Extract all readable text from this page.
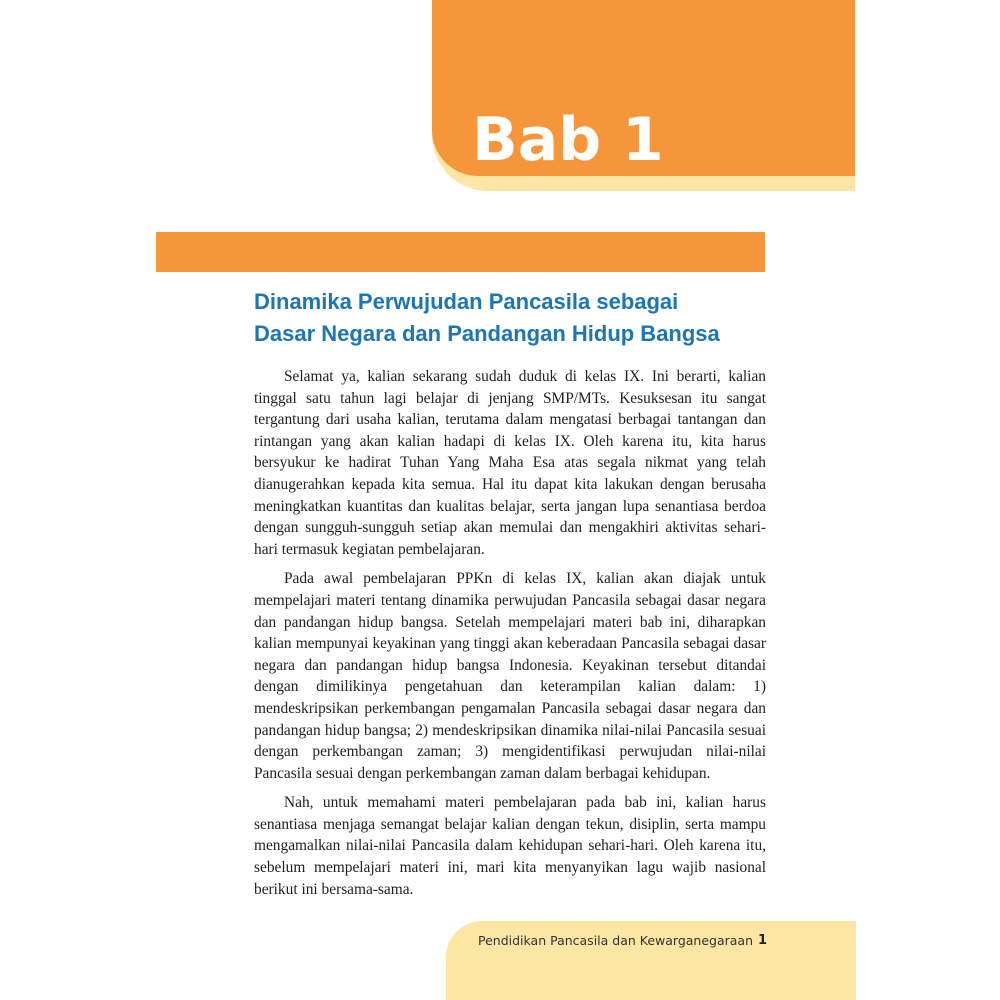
Bab 1
Dinamika Perwujudan Pancasila sebagai
Dasar Negara dan Pandangan Hidup Bangsa

Selamat ya, kalian sekarang sudah duduk di kelas IX. Ini berarti, kalian tinggal satu tahun lagi belajar di jenjang SMP/MTs. Kesuksesan itu sangat tergantung dari usaha kalian, terutama dalam mengatasi berbagai tantangan dan rintangan yang akan kalian hadapi di kelas IX. Oleh karena itu, kita harus bersyukur ke hadirat Tuhan Yang Maha Esa atas segala nikmat yang telah dianugerahkan kepada kita semua. Hal itu dapat kita lakukan dengan berusaha meningkatkan kuantitas dan kualitas belajar, serta jangan lupa senantiasa berdoa dengan sungguh-sungguh setiap akan memulai dan mengakhiri aktivitas sehari-hari termasuk kegiatan pembelajaran.

Pada awal pembelajaran PPKn di kelas IX, kalian akan diajak untuk mempelajari materi tentang dinamika perwujudan Pancasila sebagai dasar negara dan pandangan hidup bangsa. Setelah mempelajari materi bab ini, diharapkan kalian mempunyai keyakinan yang tinggi akan keberadaan Pancasila sebagai dasar negara dan pandangan hidup bangsa Indonesia. Keyakinan tersebut ditandai dengan dimilikinya pengetahuan dan keterampilan kalian dalam: 1) mendeskripsikan perkembangan pengamalan Pancasila sebagai dasar negara dan pandangan hidup bangsa; 2) mendeskripsikan dinamika nilai-nilai Pancasila sesuai dengan perkembangan zaman; 3) mengidentifikasi perwujudan nilai-nilai Pancasila sesuai dengan perkembangan zaman dalam berbagai kehidupan.

Nah, untuk memahami materi pembelajaran pada bab ini, kalian harus senantiasa menjaga semangat belajar kalian dengan tekun, disiplin, serta mampu mengamalkan nilai-nilai Pancasila dalam kehidupan sehari-hari. Oleh karena itu, sebelum mempelajari materi ini, mari kita menyanyikan lagu wajib nasional berikut ini bersama-sama.

Pendidikan Pancasila dan Kewarganegaraan 1
